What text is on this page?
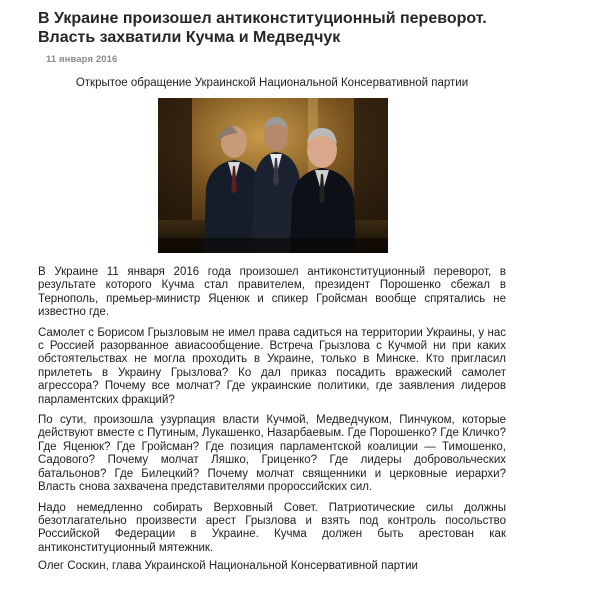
В Украине произошел антиконституционный переворот.
Власть захватили Кучма и Медведчук
11 января 2016
Открытое обращение Украинской Национальной Консервативной партии

В Украине 11 января 2016 года произошел антиконституционный переворот, в результате которого Кучма стал правителем, президент Порошенко сбежал в Тернополь, премьер-министр Яценюк и спикер Гройсман вообще спрятались не известно где.

Самолет с Борисом Грызловым не имел права садиться на территории Украины, у нас с Россией разорванное авиасообщение. Встреча Грызлова с Кучмой ни при каких обстоятельствах не могла проходить в Украине, только в Минске. Кто пригласил прилететь в Украину Грызлова? Ко дал приказ посадить вражеский самолет агрессора? Почему все молчат? Где украинские политики, где заявления лидеров парламентских фракций?

По сути, произошла узурпация власти Кучмой, Медведчуком, Пинчуком, которые действуют вместе с Путиным, Лукашенко, Назарбаевым. Где Порошенко? Где Кличко? Где Яценюк? Где Гройсман? Где позиция парламентской коалиции — Тимошенко, Садового? Почему молчат Ляшко, Гриценко? Где лидеры добровольческих батальонов? Где Билецкий? Почему молчат священники и церковные иерархи? Власть снова захвачена представителями пророссийских сил.

Надо немедленно собирать Верховный Совет. Патриотические силы должны безотлагательно произвести арест Грызлова и взять под контроль посольство Российской Федерации в Украине. Кучма должен быть арестован как антиконституционный мятежник.

Олег Соскин, глава Украинской Национальной Консервативной партии
